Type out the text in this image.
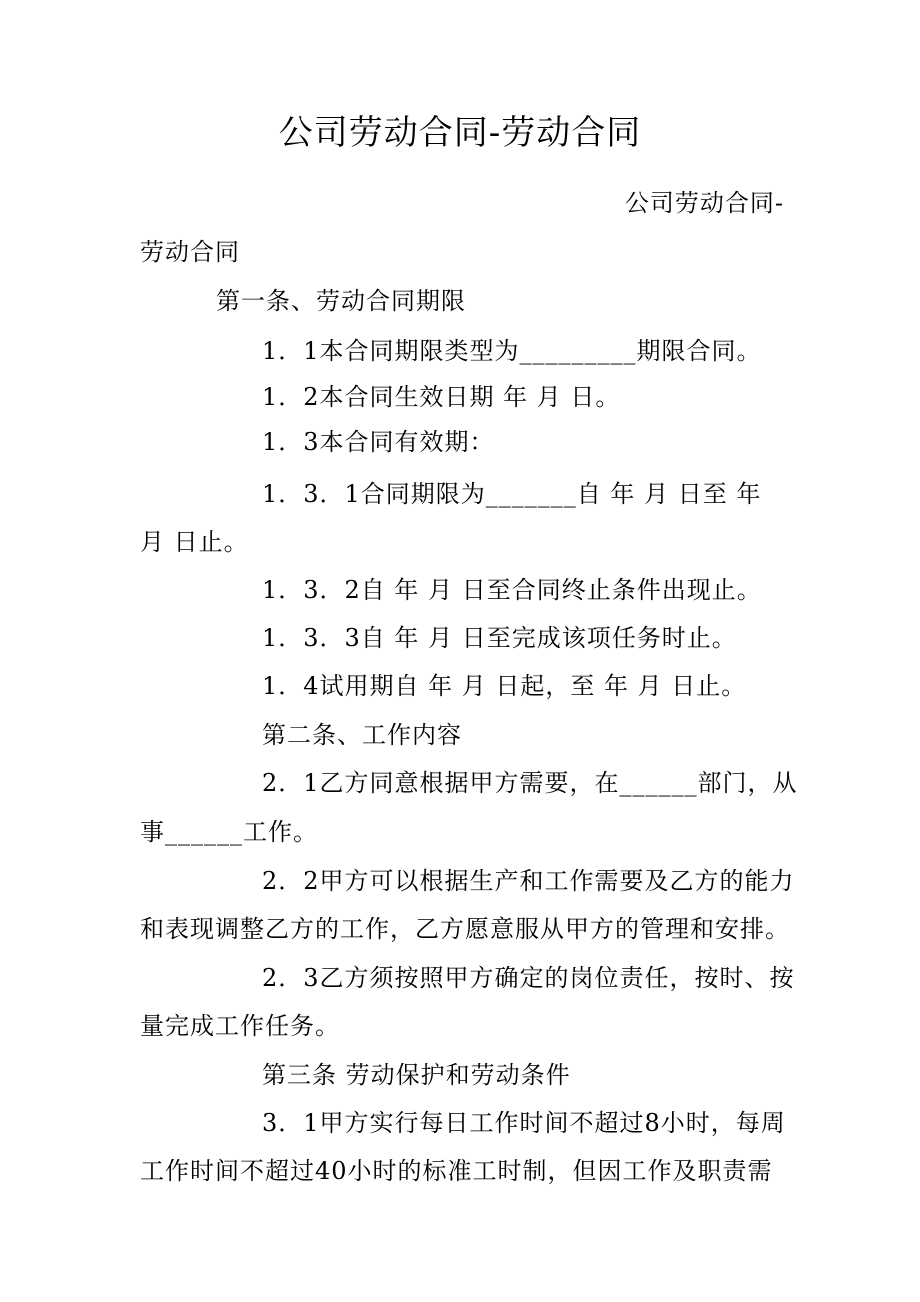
公司劳动合同-劳动合同
公司劳动合同-
劳动合同
第一条、劳动合同期限
1．1本合同期限类型为_________期限合同。
1．2本合同生效日期 年 月 日。
1．3本合同有效期：
1．3．1合同期限为_______自 年 月 日至 年
月 日止。
1．3．2自 年 月 日至合同终止条件出现止。
1．3．3自 年 月 日至完成该项任务时止。
1．4试用期自 年 月 日起，至 年 月 日止。
第二条、工作内容
2．1乙方同意根据甲方需要，在______部门，从
事______工作。
2．2甲方可以根据生产和工作需要及乙方的能力
和表现调整乙方的工作，乙方愿意服从甲方的管理和安排。
2．3乙方须按照甲方确定的岗位责任，按时、按
量完成工作任务。
第三条 劳动保护和劳动条件
3．1甲方实行每日工作时间不超过8小时，每周
工作时间不超过40小时的标准工时制，但因工作及职责需
